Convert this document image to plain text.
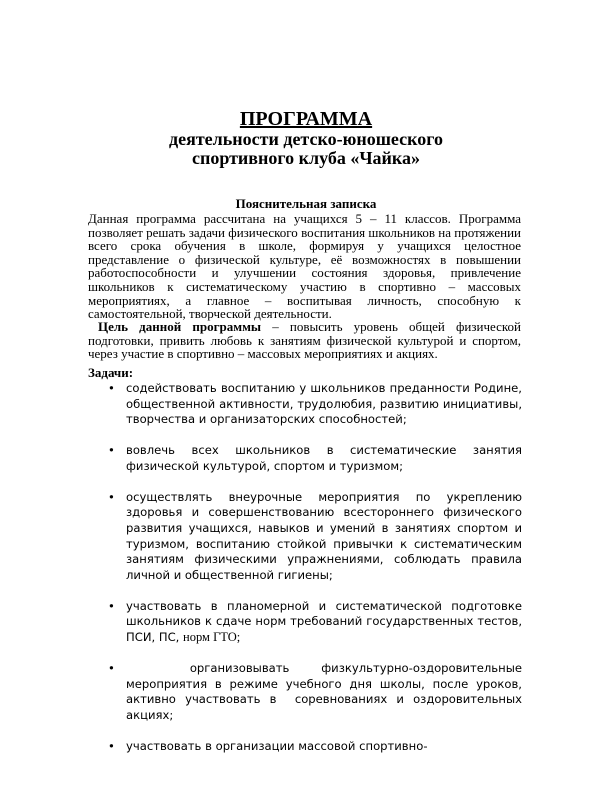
ПРОГРАММА
деятельности детско-юношеского
спортивного клуба «Чайка»
Пояснительная записка
Данная программа рассчитана на учащихся 5 – 11 классов. Программа позволяет решать задачи физического воспитания школьников на протяжении всего срока обучения в школе, формируя у учащихся целостное представление о физической культуре, её возможностях в повышении работоспособности и улучшении состояния здоровья, привлечение школьников к систематическому участию в спортивно – массовых мероприятиях, а главное – воспитывая личность, способную к самостоятельной, творческой деятельности.
Цель данной программы – повысить уровень общей физической подготовки, привить любовь к занятиям физической культурой и спортом, через участие в спортивно – массовых мероприятиях и акциях.
Задачи:
• содействовать воспитанию у школьников преданности Родине, общественной активности, трудолюбия, развитию инициативы, творчества и организаторских способностей;
• вовлечь всех школьников в систематические занятия физической культурой, спортом и туризмом;
• осуществлять внеурочные мероприятия по укреплению здоровья и совершенствованию всестороннего физического развития учащихся, навыков и умений в занятиях спортом и туризмом, воспитанию стойкой привычки к систематическим занятиям физическими упражнениями, соблюдать правила личной и общественной гигиены;
• участвовать в планомерной и систематической подготовке школьников к сдаче норм требований государственных тестов, ПСИ, ПС, норм ГТО;
• организовывать физкультурно-оздоровительные мероприятия в режиме учебного дня школы, после уроков, активно участвовать в  соревнованиях и оздоровительных акциях;
• участвовать в организации массовой спортивно-
